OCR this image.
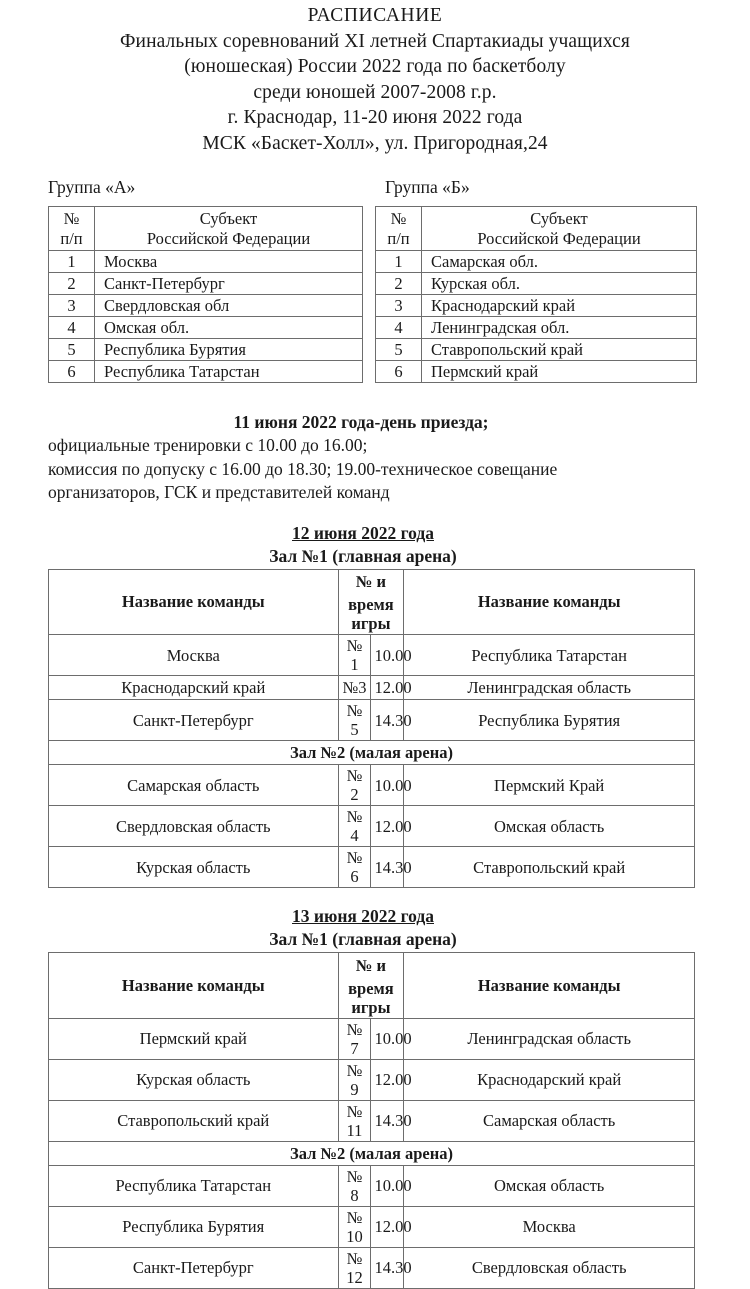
РАСПИСАНИЕ
Финальных соревнований XI летней Спартакиады учащихся
(юношеская) России 2022 года по баскетболу
среди юношей 2007-2008 г.р.
г. Краснодар, 11-20 июня 2022 года
МСК «Баскет-Холл», ул. Пригородная,24
Группа «А»
№
п/п	Субъект
Российской Федерации

1	Москва
2	Санкт-Петербург
3	Свердловская обл
4	Омская обл.
5	Республика Бурятия
6	Республика Татарстан
Группа «Б»
№
п/п	Субъект
Российской Федерации

1	Самарская обл.
2	Курская обл.
3	Краснодарский край
4	Ленинградская обл.
5	Ставропольский край
6	Пермский край
11 июня 2022 года-день приезда;
официальные тренировки с 10.00 до 16.00;
комиссия по допуску с 16.00 до 18.30; 19.00-техническое совещание
организаторов, ГСК и представителей команд
12 июня 2022 года
Зал №1 (главная арена)
Название команды	№ и		Название команды
	время игры		
Москва	№ 1	10.00	Республика Татарстан
Краснодарский край	№3	12.00	Ленинградская область
Санкт-Петербург	№ 5	14.30	Республика Бурятия
Зал №2 (малая арена)			
Самарская область	№ 2	10.00	Пермский Край
Свердловская область	№ 4	12.00	Омская область
Курская область	№ 6	14.30	Ставропольский край
13 июня 2022 года
Зал №1 (главная арена)
Название команды	№ и		Название команды
	время игры		
Пермский край	№ 7	10.00	Ленинградская область
Курская область	№ 9	12.00	Краснодарский край
Ставропольский край	№ 11	14.30	Самарская область
Зал №2 (малая арена)			
Республика Татарстан	№ 8	10.00	Омская область
Республика Бурятия	№ 10	12.00	Москва
Санкт-Петербург	№ 12	14.30	Свердловская область
